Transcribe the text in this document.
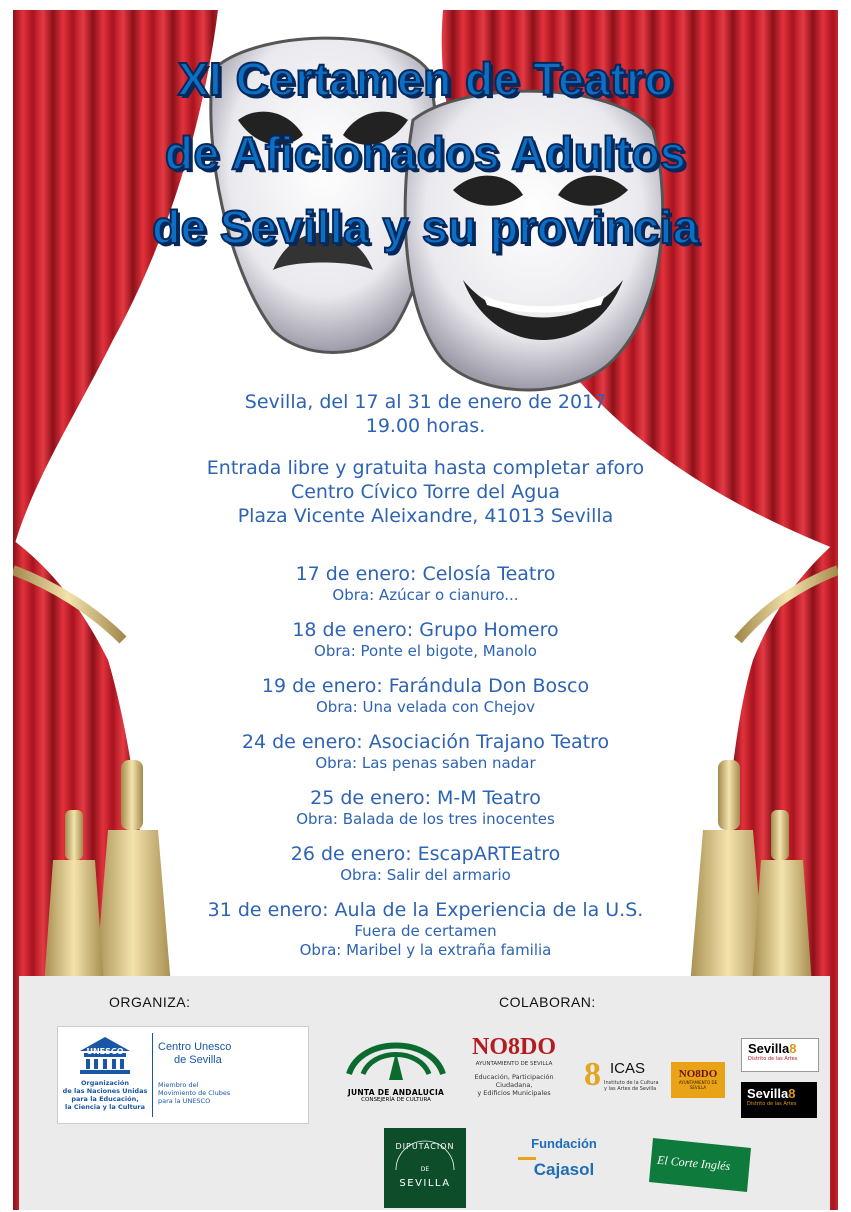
XI Certamen de Teatro
de Aficionados Adultos
de Sevilla y su provincia
Sevilla, del 17 al 31 de enero de 2017
19.00 horas.
Entrada libre y gratuita hasta completar aforo
Centro Cívico Torre del Agua
Plaza Vicente Aleixandre, 41013 Sevilla
17 de enero: Celosía Teatro
Obra: Azúcar o cianuro...
18 de enero: Grupo Homero
Obra: Ponte el bigote, Manolo
19 de enero: Farándula Don Bosco
Obra: Una velada con Chejov
24 de enero: Asociación Trajano Teatro
Obra: Las penas saben nadar
25 de enero: M-M Teatro
Obra: Balada de los tres inocentes
26 de enero: EscapARTEatro
Obra: Salir del armario
31 de enero: Aula de la Experiencia de la U.S.
Fuera de certamen
Obra: Maribel y la extraña familia
ORGANIZA:	COLABORAN:
UNESCO
Organización
de las Naciones Unidas
para la Educación,
la Ciencia y la Cultura
Centro Unesco
de Sevilla
Miembro del
Movimiento de Clubes
para la UNESCO
JUNTA DE ANDALUCIA
CONSEJERÍA DE CULTURA
NO8DO
AYUNTAMIENTO DE SEVILLA
Educación, Participación Ciudadana,
y Edificios Municipales 8 ICAS
Instituto de la Cultura
y las Artes de Sevilla
NO8DO
AYUNTAMIENTO DE SEVILLA
Sevilla8
Distrito de las Artes
Sevilla8
Distrito de las Artes
DIPUTACION
DE
SEVILLA
Fundación
Cajasol	El Corte Inglés
